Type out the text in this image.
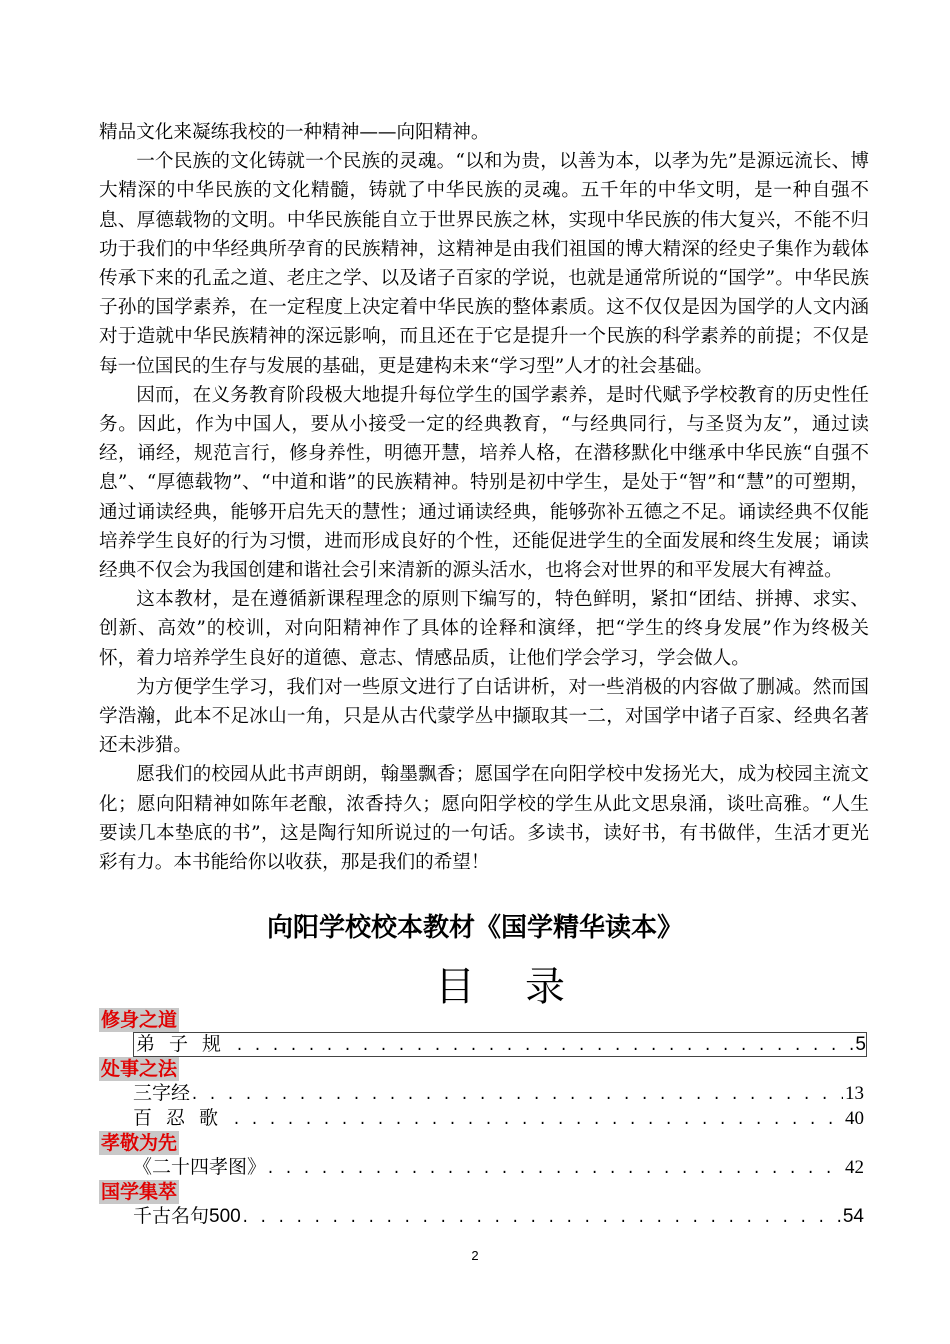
精品文化来凝练我校的一种精神——向阳精神。

一个民族的文化铸就一个民族的灵魂。“以和为贵，以善为本，以孝为先”是源远流长、博大精深的中华民族的文化精髓，铸就了中华民族的灵魂。五千年的中华文明，是一种自强不息、厚德载物的文明。中华民族能自立于世界民族之林，实现中华民族的伟大复兴，不能不归功于我们的中华经典所孕育的民族精神，这精神是由我们祖国的博大精深的经史子集作为载体传承下来的孔孟之道、老庄之学、以及诸子百家的学说，也就是通常所说的“国学”。中华民族子孙的国学素养，在一定程度上决定着中华民族的整体素质。这不仅仅是因为国学的人文内涵对于造就中华民族精神的深远影响，而且还在于它是提升一个民族的科学素养的前提；不仅是每一位国民的生存与发展的基础，更是建构未来“学习型”人才的社会基础。

因而，在义务教育阶段极大地提升每位学生的国学素养，是时代赋予学校教育的历史性任务。因此，作为中国人，要从小接受一定的经典教育，“与经典同行，与圣贤为友”，通过读经，诵经，规范言行，修身养性，明德开慧，培养人格，在潜移默化中继承中华民族“自强不息”、“厚德载物”、“中道和谐”的民族精神。特别是初中学生，是处于“智”和“慧”的可塑期，通过诵读经典，能够开启先天的慧性；通过诵读经典，能够弥补五德之不足。诵读经典不仅能培养学生良好的行为习惯，进而形成良好的个性，还能促进学生的全面发展和终生发展；诵读经典不仅会为我国创建和谐社会引来清新的源头活水，也将会对世界的和平发展大有裨益。

这本教材，是在遵循新课程理念的原则下编写的，特色鲜明，紧扣“团结、拼搏、求实、创新、高效”的校训，对向阳精神作了具体的诠释和演绎，把“学生的终身发展”作为终极关怀，着力培养学生良好的道德、意志、情感品质，让他们学会学习，学会做人。

为方便学生学习，我们对一些原文进行了白话讲析，对一些消极的内容做了删减。然而国学浩瀚，此本不足冰山一角，只是从古代蒙学丛中撷取其一二，对国学中诸子百家、经典名著还未涉猎。

愿我们的校园从此书声朗朗，翰墨飘香；愿国学在向阳学校中发扬光大，成为校园主流文化；愿向阳精神如陈年老酿，浓香持久；愿向阳学校的学生从此文思泉涌，谈吐高雅。“人生要读几本垫底的书”，这是陶行知所说过的一句话。多读书，读好书，有书做伴，生活才更光彩有力。本书能给你以收获，那是我们的希望！

向阳学校校本教材《国学精华读本》
目录
修身之道
弟子规 . . .	5
处事之法
三字经 . . .	13
百忍歌 . . .	40
孝敬为先
《二十四孝图》 . . .	42
国学集萃
千古名句500 . . .	54
2
